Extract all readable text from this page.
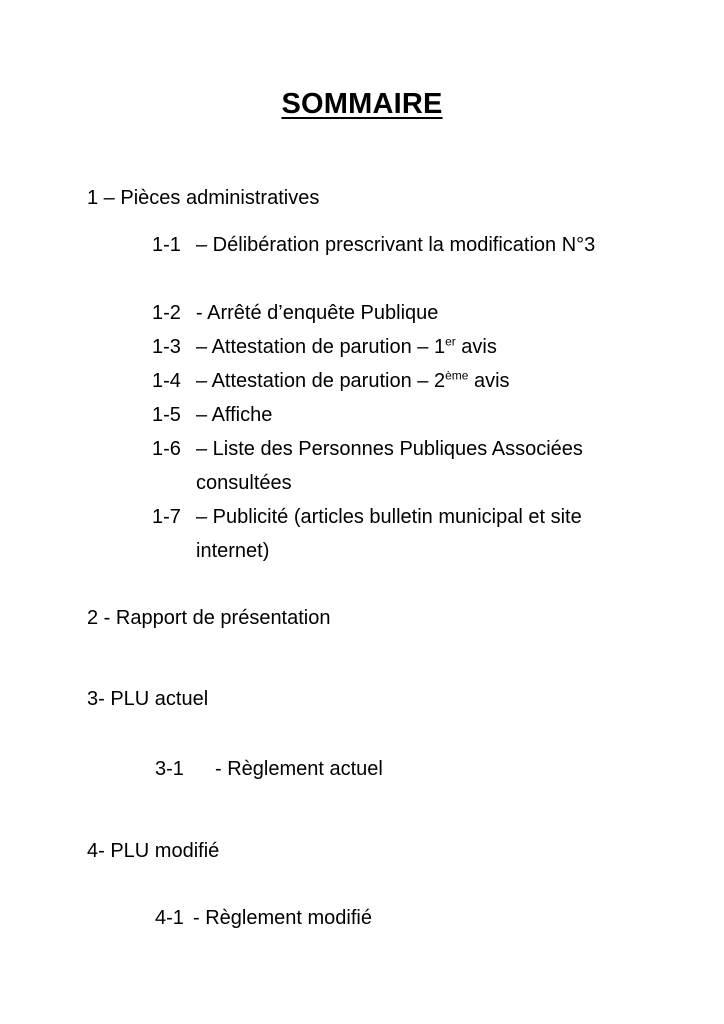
SOMMAIRE
1 – Pièces administratives
1-1 – Délibération prescrivant la modification N°3
1-2 - Arrêté d’enquête Publique
1-3 – Attestation de parution – 1er avis
1-4 – Attestation de parution – 2ème avis
1-5 – Affiche
1-6 – Liste des Personnes Publiques Associées consultées
1-7 – Publicité (articles bulletin municipal et site internet)
2 - Rapport de présentation
3- PLU actuel
3-1 - Règlement actuel
4- PLU modifié
4-1 - Règlement modifié
